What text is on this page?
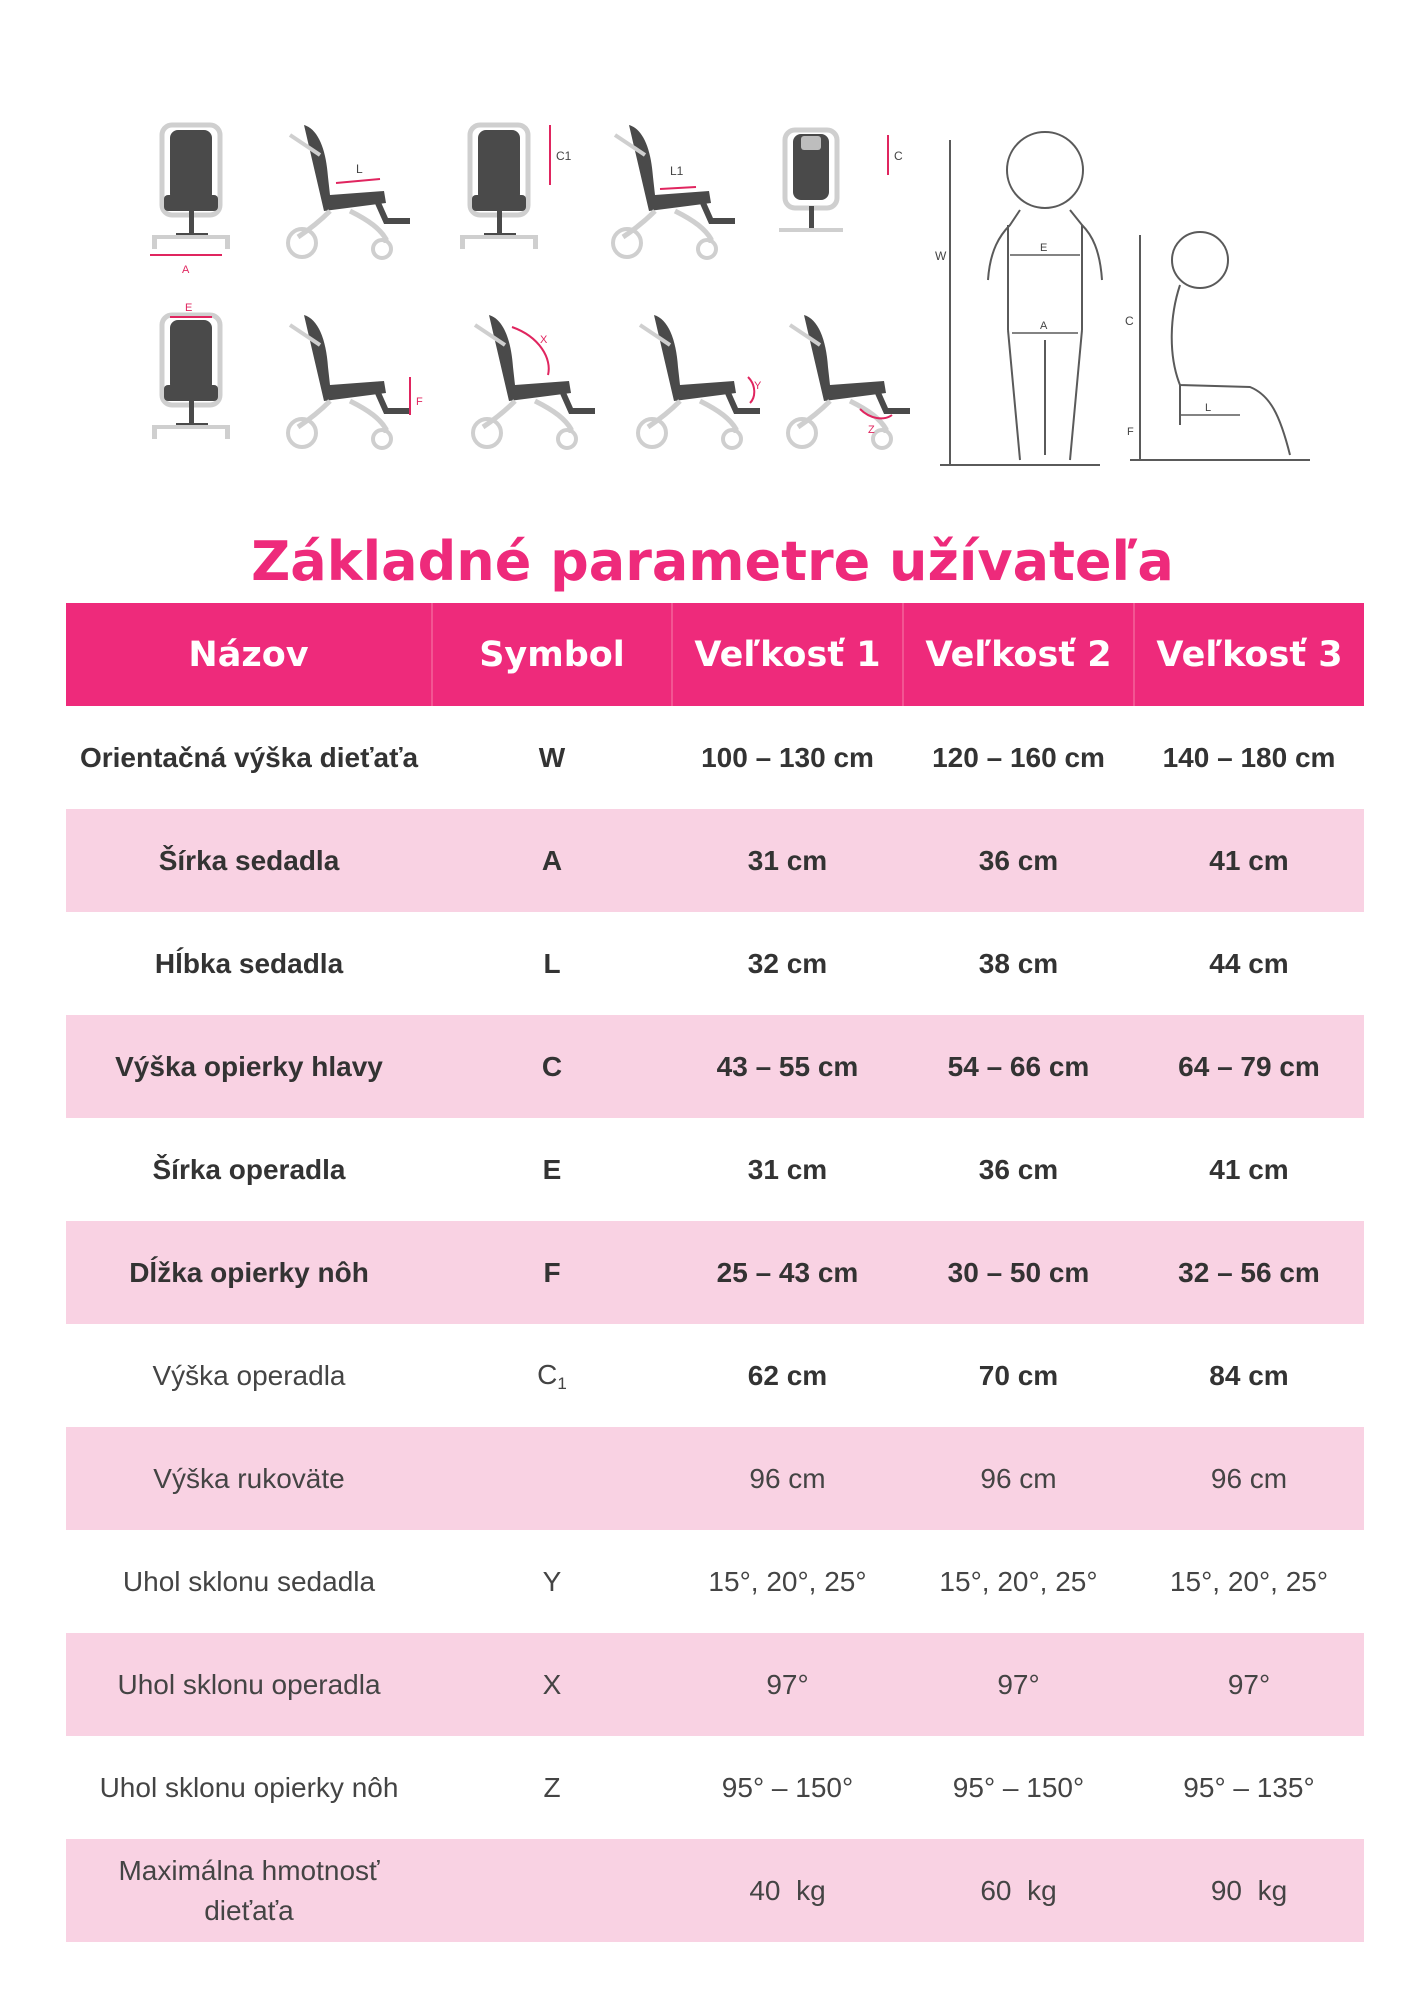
A
L
C1
L1
C
E
F
X
Y
Z
W
E
A	C
L
F
Základné parametre užívateľa
Názov	Symbol	Veľkosť 1	Veľkosť 2	Veľkosť 3
Orientačná výška dieťaťa	W	100 – 130 cm	120 – 160 cm	140 – 180 cm
Šírka sedadla	A	31 cm	36 cm	41 cm
Hĺbka sedadla	L	32 cm	38 cm	44 cm
Výška opierky hlavy	C	43 – 55 cm	54 – 66 cm	64 – 79 cm
Šírka operadla	E	31 cm	36 cm	41 cm
Dĺžka opierky nôh	F	25 – 43 cm	30 – 50 cm	32 – 56 cm
Výška operadla	$C_1$	62 cm	70 cm	84 cm
Výška rukoväte		96 cm	96 cm	96 cm
Uhol sklonu sedadla	Y	15°, 20°, 25°	15°, 20°, 25°	15°, 20°, 25°
Uhol sklonu operadla	X	97°	97°	97°
Uhol sklonu opierky nôh	Z	95° – 150°	95° – 150°	95° – 135°
Maximálna hmotnosť dieťaťa		40  kg	60  kg	90  kg
